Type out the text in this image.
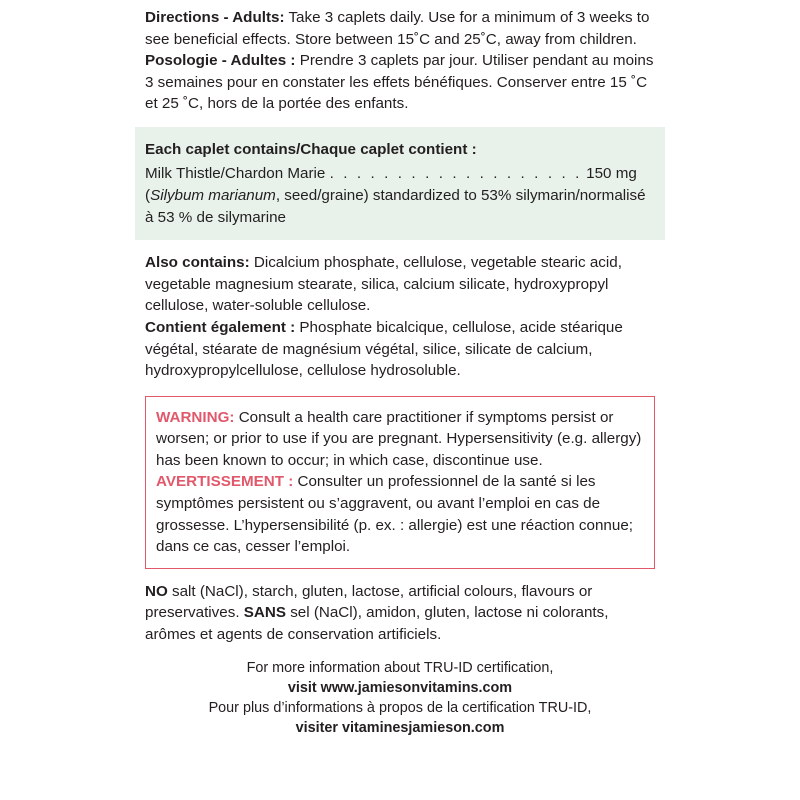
Directions - Adults: Take 3 caplets daily. Use for a minimum of 3 weeks to see beneficial effects. Store between 15˚C and 25˚C, away from children.

Posologie - Adultes : Prendre 3 caplets par jour. Utiliser pendant au moins 3 semaines pour en constater les effets bénéfiques. Conserver entre 15 ˚C et 25 ˚C, hors de la portée des enfants.

Each caplet contains/Chaque caplet contient :
Milk Thistle/Chardon Marie . . . . . . . . . . . . . . . . . . . 150 mg
(Silybum marianum, seed/graine) standardized to 53% silymarin/normalisé à 53 % de silymarine

Also contains: Dicalcium phosphate, cellulose, vegetable stearic acid, vegetable magnesium stearate, silica, calcium silicate, hydroxypropyl cellulose, water-soluble cellulose.

Contient également : Phosphate bicalcique, cellulose, acide stéarique végétal, stéarate de magnésium végétal, silice, silicate de calcium, hydroxypropylcellulose, cellulose hydrosoluble.

WARNING: Consult a health care practitioner if symptoms persist or worsen; or prior to use if you are pregnant. Hypersensitivity (e.g. allergy) has been known to occur; in which case, discontinue use.

AVERTISSEMENT : Consulter un professionnel de la santé si les symptômes persistent ou s’aggravent, ou avant l’emploi en cas de grossesse. L’hypersensibilité (p. ex. : allergie) est une réaction connue; dans ce cas, cesser l’emploi.

NO salt (NaCl), starch, gluten, lactose, artificial colours, flavours or preservatives. SANS sel (NaCl), amidon, gluten, lactose ni colorants, arômes et agents de conservation artificiels.

For more information about TRU-ID certification,

visit www.jamiesonvitamins.com

Pour plus d’informations à propos de la certification TRU-ID,

visiter vitaminesjamieson.com
